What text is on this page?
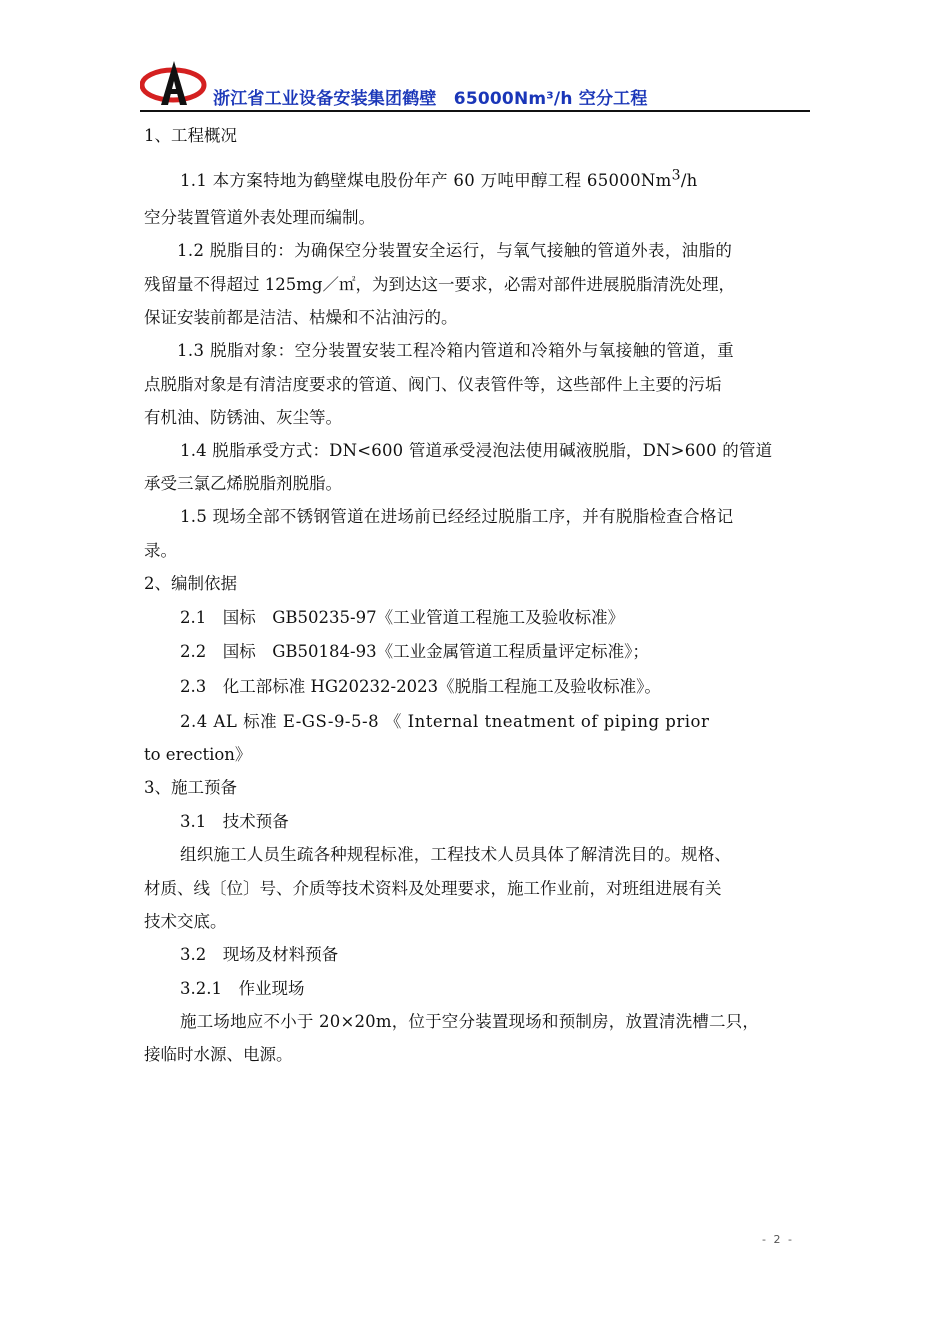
浙江省工业设备安装集团鹤壁　65000Nm³/h 空分工程
1、工程概况
1.1 本方案特地为鹤壁煤电股份年产 60 万吨甲醇工程 65000Nm$^3$/h
空分装置管道外表处理而编制。
1.2 脱脂目的：为确保空分装置安全运行，与氧气接触的管道外表，油脂的
残留量不得超过 125mg／㎡，为到达这一要求，必需对部件进展脱脂清洗处理，
保证安装前都是洁洁、枯燥和不沾油污的。
1.3 脱脂对象：空分装置安装工程冷箱内管道和冷箱外与氧接触的管道，重
点脱脂对象是有清洁度要求的管道、阀门、仪表管件等，这些部件上主要的污垢
有机油、防锈油、灰尘等。
1.4 脱脂承受方式：DN<600 管道承受浸泡法使用碱液脱脂，DN>600 的管道
承受三氯乙烯脱脂剂脱脂。
1.5 现场全部不锈钢管道在进场前已经经过脱脂工序，并有脱脂检查合格记
录。
2、编制依据
2.1　国标　GB50235-97《工业管道工程施工及验收标准》
2.2　国标　GB50184-93《工业金属管道工程质量评定标准》；
2.3　化工部标准 HG20232-2023《脱脂工程施工及验收标准》。
2.4 AL 标准 E-GS-9-5-8 《 Internal tneatment of piping prior
to erection》
3、施工预备
3.1　技术预备
组织施工人员生疏各种规程标准，工程技术人员具体了解清洗目的。规格、
材质、线〔位〕号、介质等技术资料及处理要求，施工作业前，对班组进展有关
技术交底。
3.2　现场及材料预备
3.2.1　作业现场
施工场地应不小于 20×20m，位于空分装置现场和预制房，放置清洗槽二只，
接临时水源、电源。
- 2 -
